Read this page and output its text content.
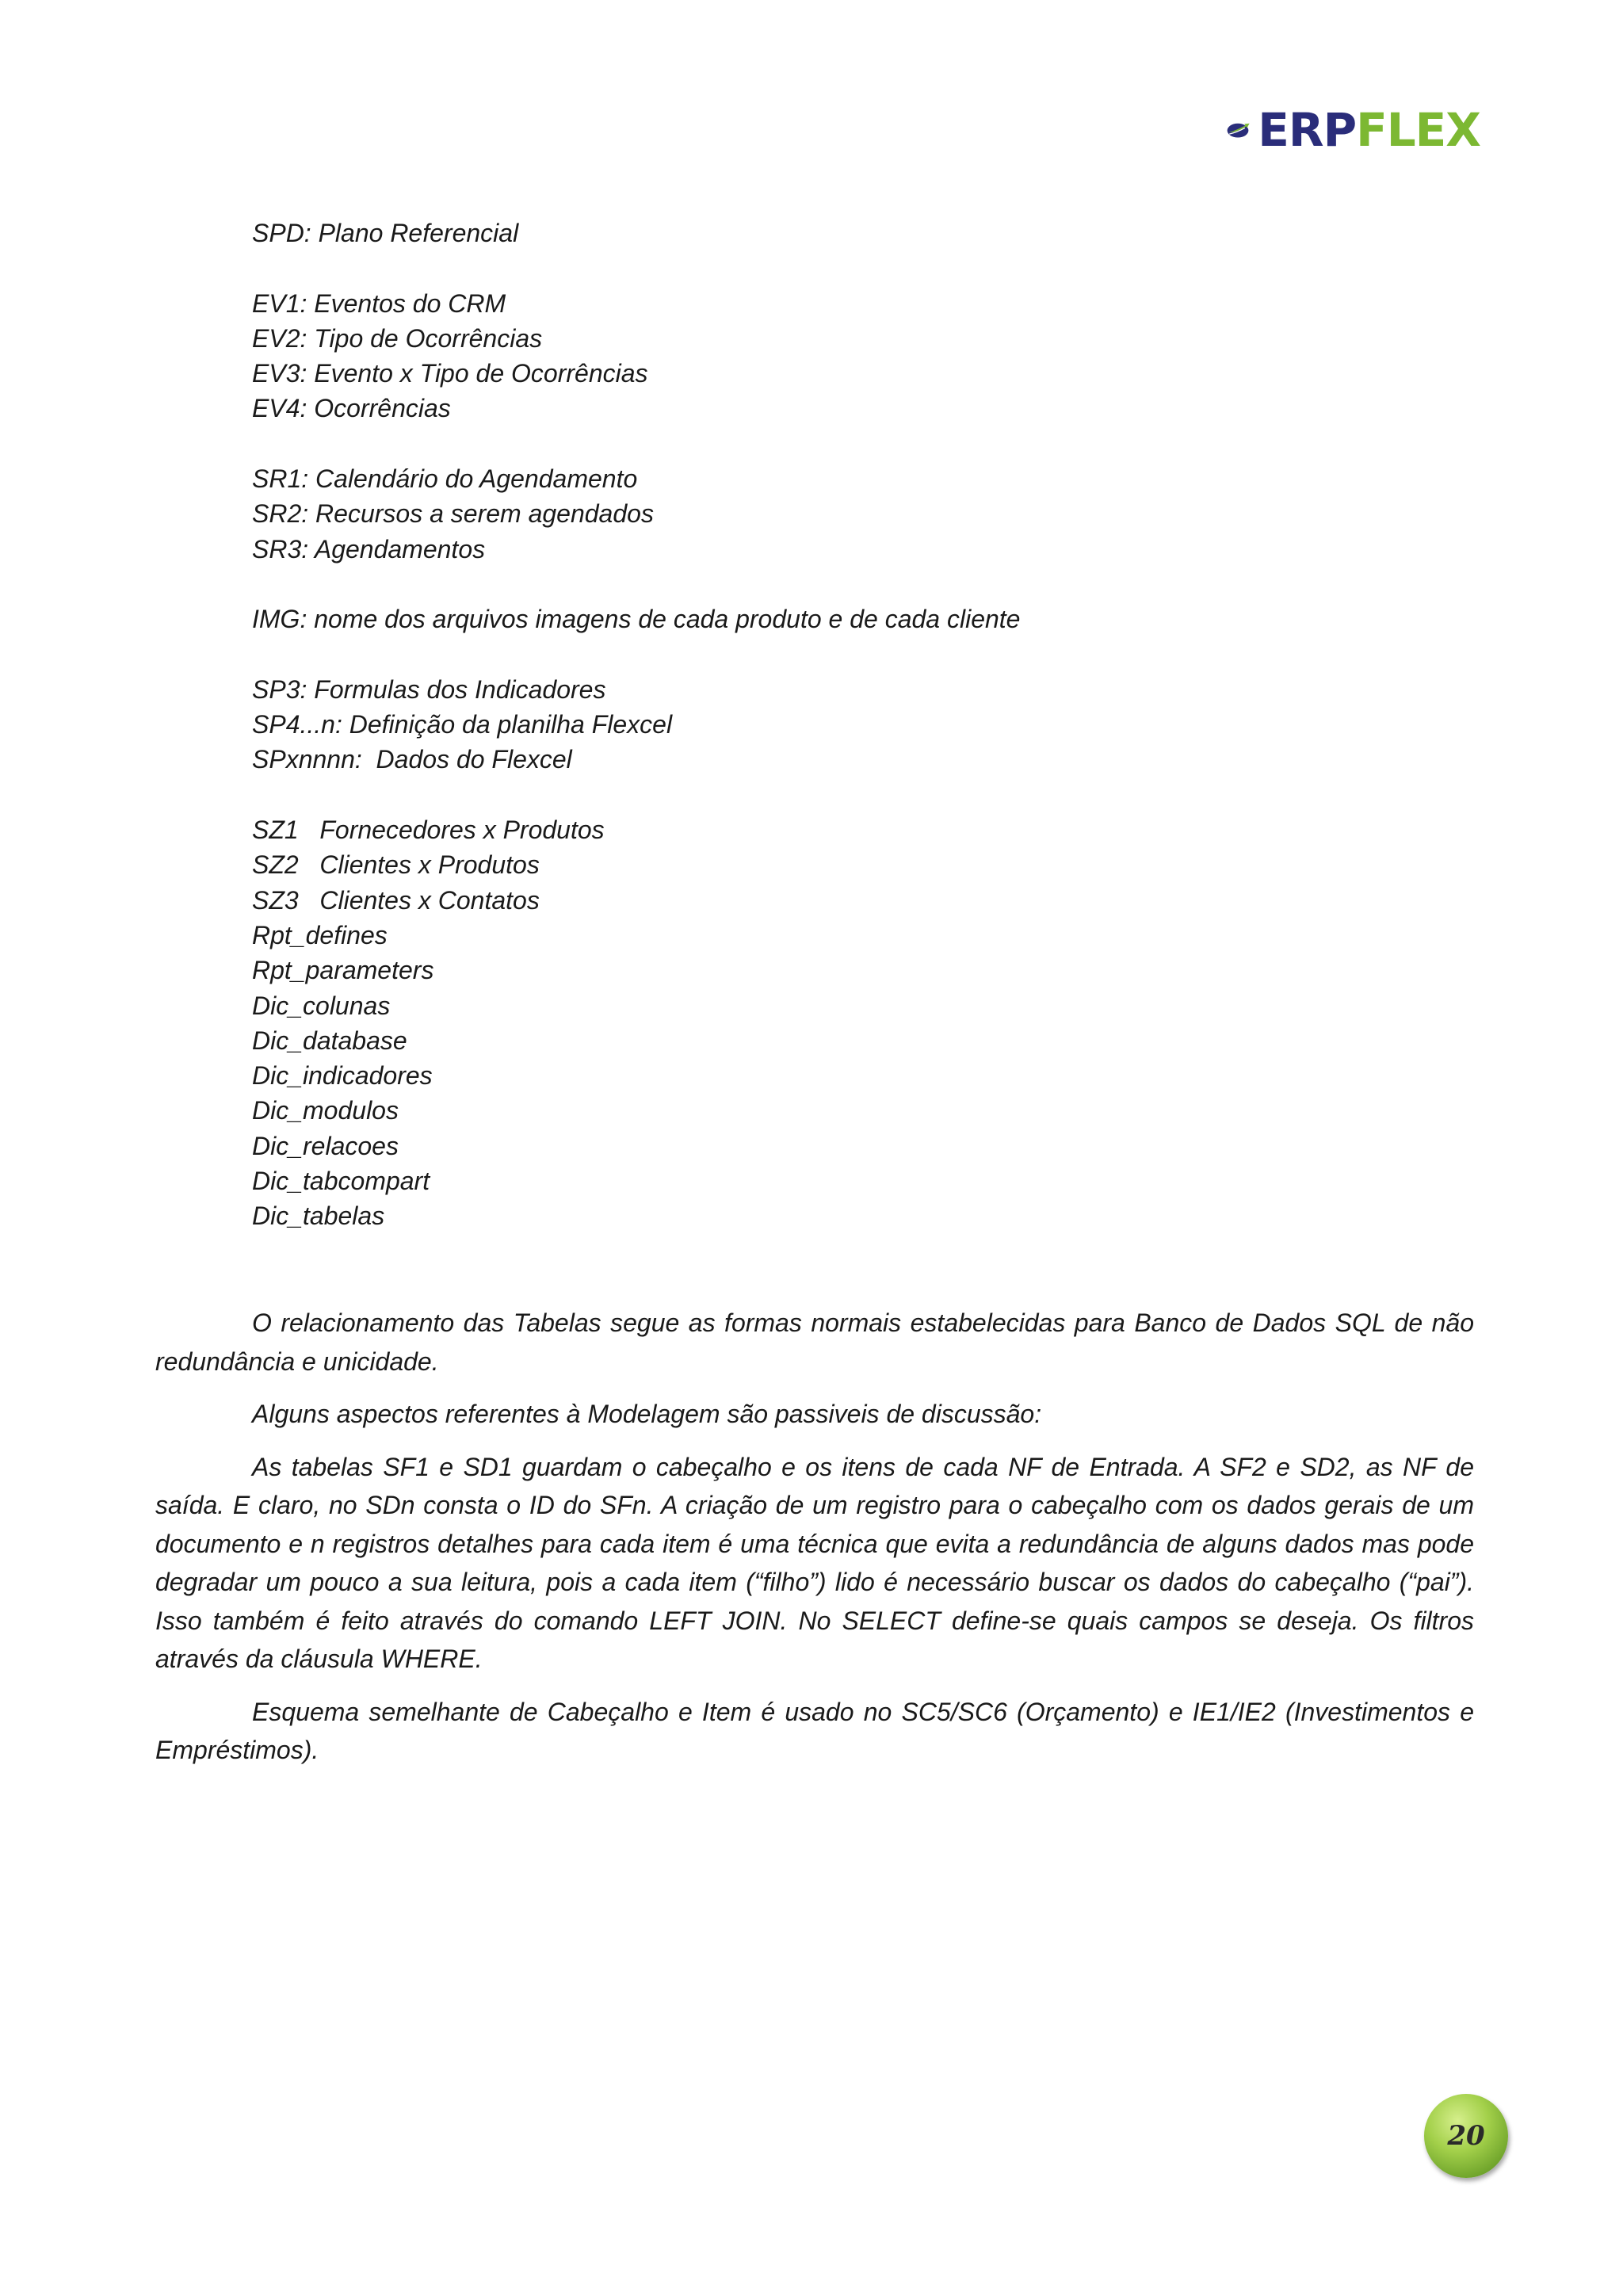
ERPFLEX
SPD: Plano Referencial
EV1: Eventos do CRM
EV2: Tipo de Ocorrências
EV3: Evento x Tipo de Ocorrências
EV4: Ocorrências
SR1: Calendário do Agendamento
SR2: Recursos a serem agendados
SR3: Agendamentos
IMG: nome dos arquivos imagens de cada produto e de cada cliente
SP3: Formulas dos Indicadores
SP4...n: Definição da planilha Flexcel
SPxnnnn:  Dados do Flexcel
SZ1   Fornecedores x Produtos
SZ2   Clientes x Produtos
SZ3   Clientes x Contatos
Rpt_defines
Rpt_parameters
Dic_colunas
Dic_database
Dic_indicadores
Dic_modulos
Dic_relacoes
Dic_tabcompart
Dic_tabelas

O relacionamento das Tabelas segue as formas normais estabelecidas para Banco de Dados SQL de não redundância e unicidade.

Alguns aspectos referentes à Modelagem são passiveis de discussão:

As tabelas SF1 e SD1 guardam o cabeçalho e os itens de cada NF de Entrada. A SF2 e SD2, as NF de saída. E claro, no SDn consta o ID do SFn. A criação de um registro para o cabeçalho com os dados gerais de um documento e n registros detalhes para cada item é uma técnica que evita a redundância de alguns dados mas pode degradar um pouco a sua leitura, pois a cada item (“filho”) lido é necessário buscar os dados do cabeçalho (“pai”). Isso também é feito através do comando LEFT JOIN. No SELECT define-se quais campos se deseja. Os filtros através da cláusula WHERE.

Esquema semelhante de Cabeçalho e Item é usado no SC5/SC6 (Orçamento) e IE1/IE2 (Investimentos e Empréstimos).

20
